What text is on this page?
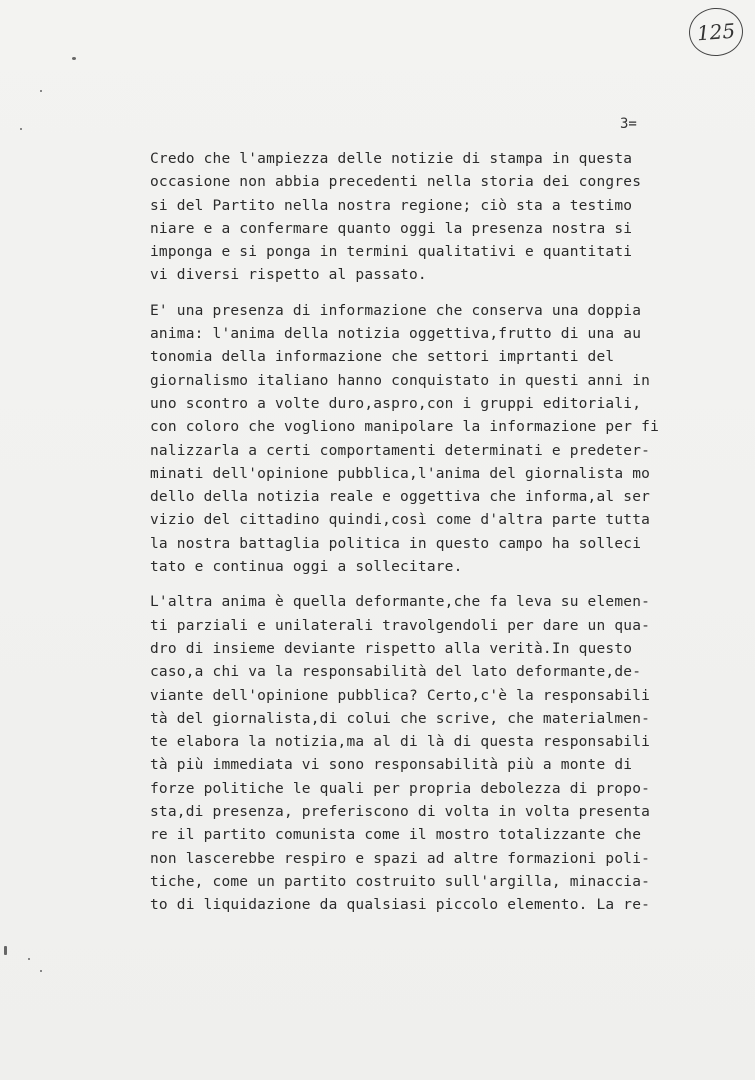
125
3=
Credo che l'ampiezza delle notizie di stampa in questa
occasione non abbia precedenti nella storia dei congres
si del Partito nella nostra regione; ciò sta a testimo
niare e a confermare quanto oggi la presenza nostra si
imponga e si ponga in termini qualitativi e quantitati
vi diversi rispetto al passato.
E' una presenza di informazione che conserva una doppia
anima: l'anima della notizia oggettiva,frutto di una au
tonomia della informazione che settori imprtanti del
giornalismo italiano hanno conquistato in questi anni in
uno scontro a volte duro,aspro,con i gruppi editoriali,
con coloro che vogliono manipolare la informazione per fi
nalizzarla a certi comportamenti determinati e predeter-
minati dell'opinione pubblica,l'anima del giornalista mo
dello della notizia reale e oggettiva che informa,al ser
vizio del cittadino quindi,così come d'altra parte tutta
la nostra battaglia politica in questo campo ha solleci
tato e continua oggi a sollecitare.
L'altra anima è quella deformante,che fa leva su elemen-
ti parziali e unilaterali travolgendoli per dare un qua-
dro di insieme deviante rispetto alla verità.In questo
caso,a chi va la responsabilità del lato deformante,de-
viante dell'opinione pubblica? Certo,c'è la responsabili
tà del giornalista,di colui che scrive, che materialmen-
te elabora la notizia,ma al di là di questa responsabili
tà più immediata vi sono responsabilità più a monte di
forze politiche le quali per propria debolezza di propo-
sta,di presenza, preferiscono di volta in volta presenta
re il partito comunista come il mostro totalizzante che
non lascerebbe respiro e spazi ad altre formazioni poli-
tiche, come un partito costruito sull'argilla, minaccia-
to di liquidazione da qualsiasi piccolo elemento. La re-
